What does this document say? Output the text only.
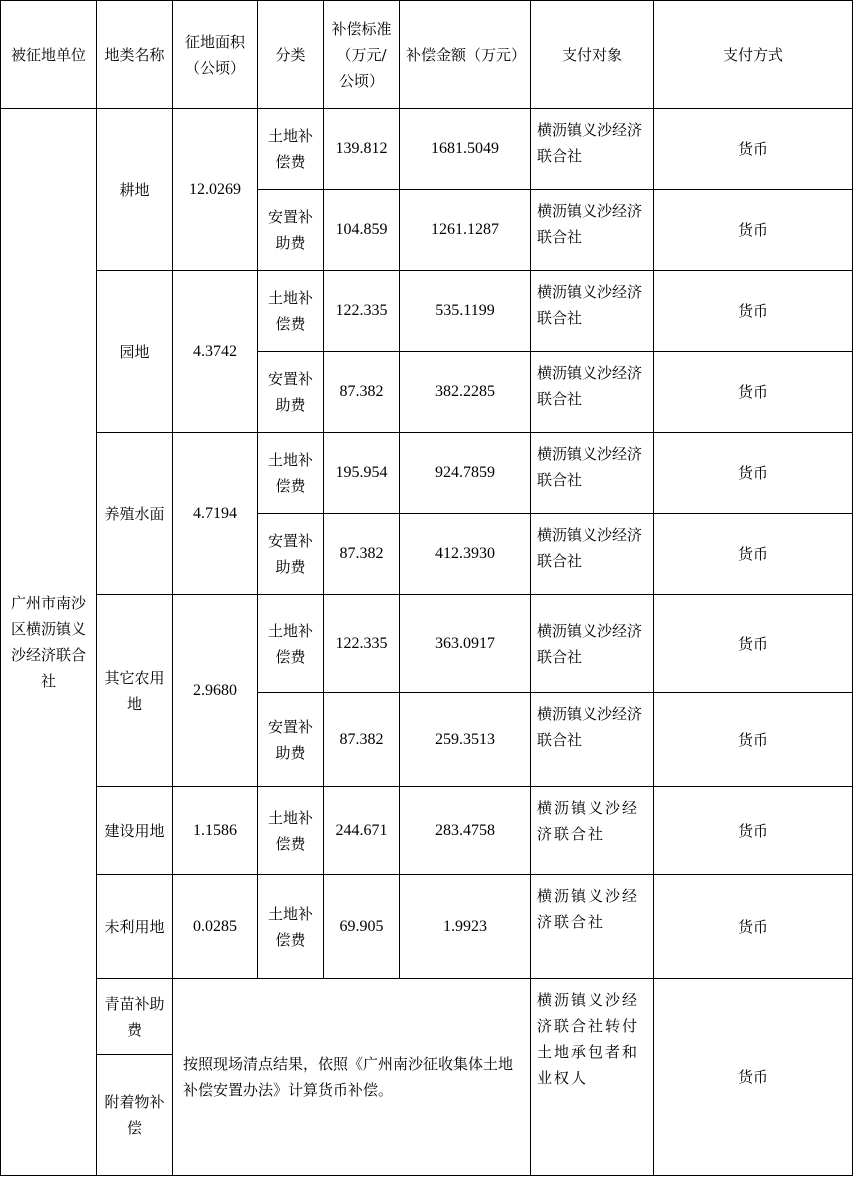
被征地单位	地类名称	征地面积（公顷）	分类	补偿标准（万元/公顷）	补偿金额（万元）	支付对象	支付方式
广州市南沙区横沥镇义沙经济联合社	耕地	12.0269	土地补偿费	139.812	1681.5049	横沥镇义沙经济联合社	货币
			安置补助费	104.859	1261.1287	横沥镇义沙经济联合社	货币
	园地	4.3742	土地补偿费	122.335	535.1199	横沥镇义沙经济联合社	货币
			安置补助费	87.382	382.2285	横沥镇义沙经济联合社	货币
	养殖水面	4.7194	土地补偿费	195.954	924.7859	横沥镇义沙经济联合社	货币
			安置补助费	87.382	412.3930	横沥镇义沙经济联合社	货币
	其它农用地	2.9680	土地补偿费	122.335	363.0917	横沥镇义沙经济联合社	货币
			安置补助费	87.382	259.3513	横沥镇义沙经济联合社	货币
	建设用地	1.1586	土地补偿费	244.671	283.4758	横沥镇义沙经济联合社	货币
	未利用地	0.0285	土地补偿费	69.905	1.9923	横沥镇义沙经济联合社	货币
	青苗补助费	按照现场清点结果，依照《广州南沙征收集体土地补偿安置办法》计算货币补偿。				横沥镇义沙经济联合社转付土地承包者和业权人	货币
	附着物补偿						
